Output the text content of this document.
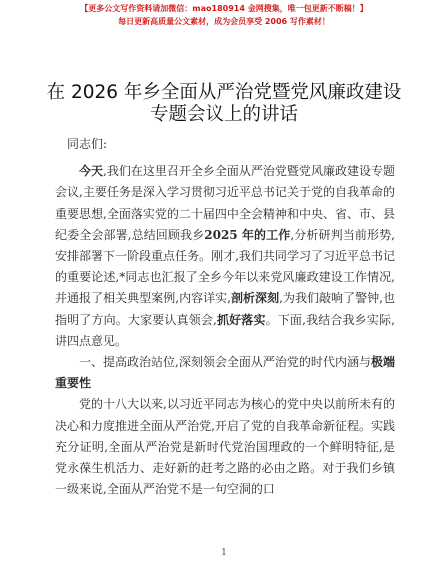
【更多公文写作资料请加微信：mao180914 金网搜集，唯一包更新不断稿！】
每日更新高质量公文素材，成为会员享受 2006 写作素材！
在 2026 年乡全面从严治党暨党风廉政建设专题会议上的讲话

同志们:

今天,我们在这里召开全乡全面从严治党暨党风廉政建设专题会议,主要任务是深入学习贯彻习近平总书记关于党的自我革命的重要思想,全面落实党的二十届四中全会精神和中央、省、市、县纪委全会部署,总结回顾我乡2025 年的工作,分析研判当前形势,安排部署下一阶段重点任务。刚才,我们共同学习了习近平总书记的重要论述,*同志也汇报了全乡今年以来党风廉政建设工作情况,并通报了相关典型案例,内容详实,剖析深刻,为我们敲响了警钟,也指明了方向。大家要认真领会,抓好落实。下面,我结合我乡实际,讲四点意见。

一、提高政治站位,深刻领会全面从严治党的时代内涵与极端重要性

党的十八大以来,以习近平同志为核心的党中央以前所未有的决心和力度推进全面从严治党,开启了党的自我革命新征程。实践充分证明,全面从严治党是新时代党治国理政的一个鲜明特征,是党永葆生机活力、走好新的赶考之路的必由之路。对于我们乡镇一级来说,全面从严治党不是一句空洞的口

1
